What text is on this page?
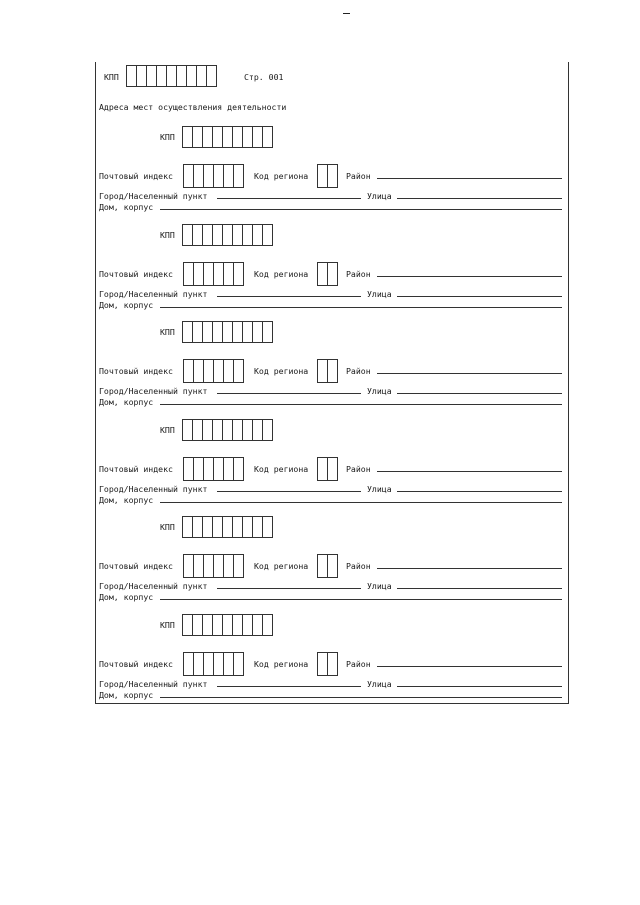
КПП	Стр. 001
Адреса мест осуществления деятельности
КПП
Почтовый индекс	Код региона	Район
Город/Населенный пункт	Улица
Дом, корпус
КПП
Почтовый индекс	Код региона	Район
Город/Населенный пункт	Улица
Дом, корпус
КПП
Почтовый индекс	Код региона	Район
Город/Населенный пункт	Улица
Дом, корпус
КПП
Почтовый индекс	Код региона	Район
Город/Населенный пункт	Улица
Дом, корпус
КПП
Почтовый индекс	Код региона	Район
Город/Населенный пункт	Улица
Дом, корпус
КПП
Почтовый индекс	Код региона	Район
Город/Населенный пункт	Улица
Дом, корпус
